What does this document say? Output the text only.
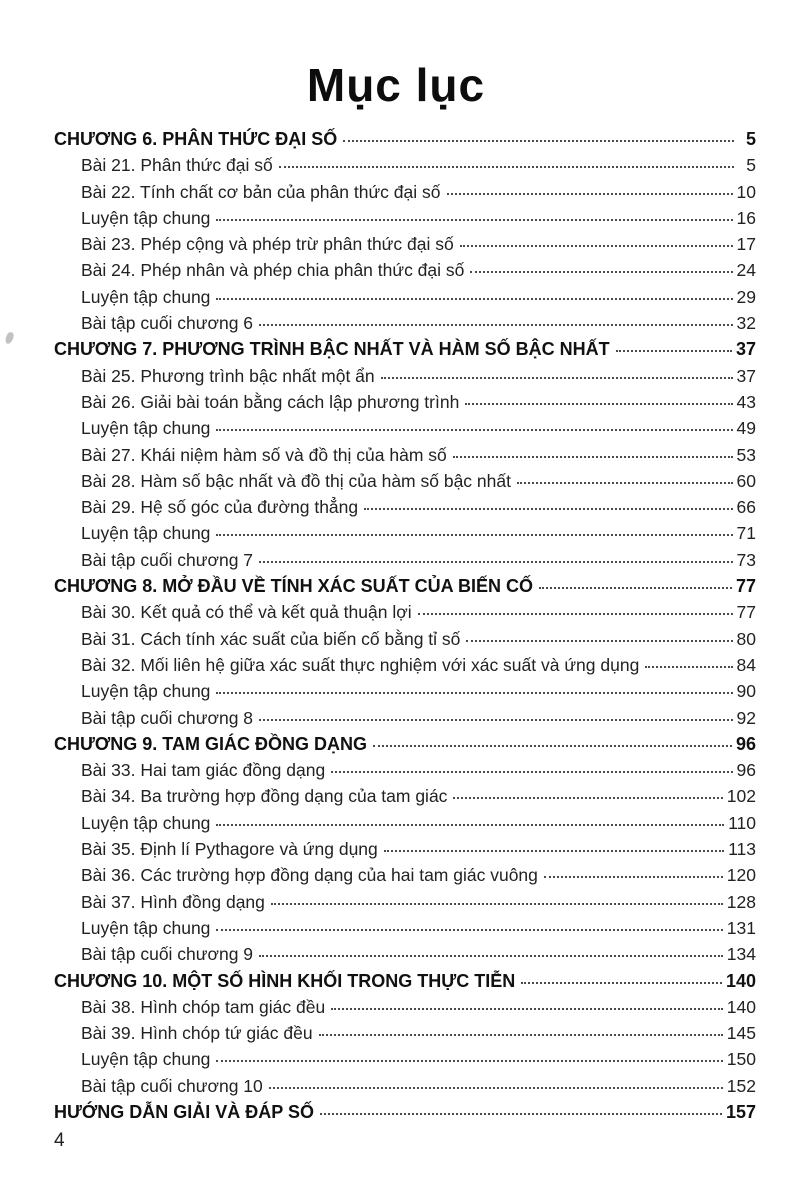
Mục lục
CHƯƠNG 6. PHÂN THỨC ĐẠI SỐ	5
Bài 21. Phân thức đại số	5
Bài 22. Tính chất cơ bản của phân thức đại số	10
Luyện tập chung	16
Bài 23. Phép cộng và phép trừ phân thức đại số	17
Bài 24. Phép nhân và phép chia phân thức đại số	24
Luyện tập chung	29
Bài tập cuối chương 6	32
CHƯƠNG 7. PHƯƠNG TRÌNH BẬC NHẤT VÀ HÀM SỐ BẬC NHẤT	37
Bài 25. Phương trình bậc nhất một ẩn	37
Bài 26. Giải bài toán bằng cách lập phương trình	43
Luyện tập chung	49
Bài 27. Khái niệm hàm số và đồ thị của hàm số	53
Bài 28. Hàm số bậc nhất và đồ thị của hàm số bậc nhất	60
Bài 29. Hệ số góc của đường thẳng	66
Luyện tập chung	71
Bài tập cuối chương 7	73
CHƯƠNG 8. MỞ ĐẦU VỀ TÍNH XÁC SUẤT CỦA BIẾN CỐ	77
Bài 30. Kết quả có thể và kết quả thuận lợi	77
Bài 31. Cách tính xác suất của biến cố bằng tỉ số	80
Bài 32. Mối liên hệ giữa xác suất thực nghiệm với xác suất và ứng dụng	84
Luyện tập chung	90
Bài tập cuối chương 8	92
CHƯƠNG 9. TAM GIÁC ĐỒNG DẠNG	96
Bài 33. Hai tam giác đồng dạng	96
Bài 34. Ba trường hợp đồng dạng của tam giác	102
Luyện tập chung	110
Bài 35. Định lí Pythagore và ứng dụng	113
Bài 36. Các trường hợp đồng dạng của hai tam giác vuông	120
Bài 37. Hình đồng dạng	128
Luyện tập chung	131
Bài tập cuối chương 9	134
CHƯƠNG 10. MỘT SỐ HÌNH KHỐI TRONG THỰC TIỄN	140
Bài 38. Hình chóp tam giác đều	140
Bài 39. Hình chóp tứ giác đều	145
Luyện tập chung	150
Bài tập cuối chương 10	152
HƯỚNG DẪN GIẢI VÀ ĐÁP SỐ	157
4
